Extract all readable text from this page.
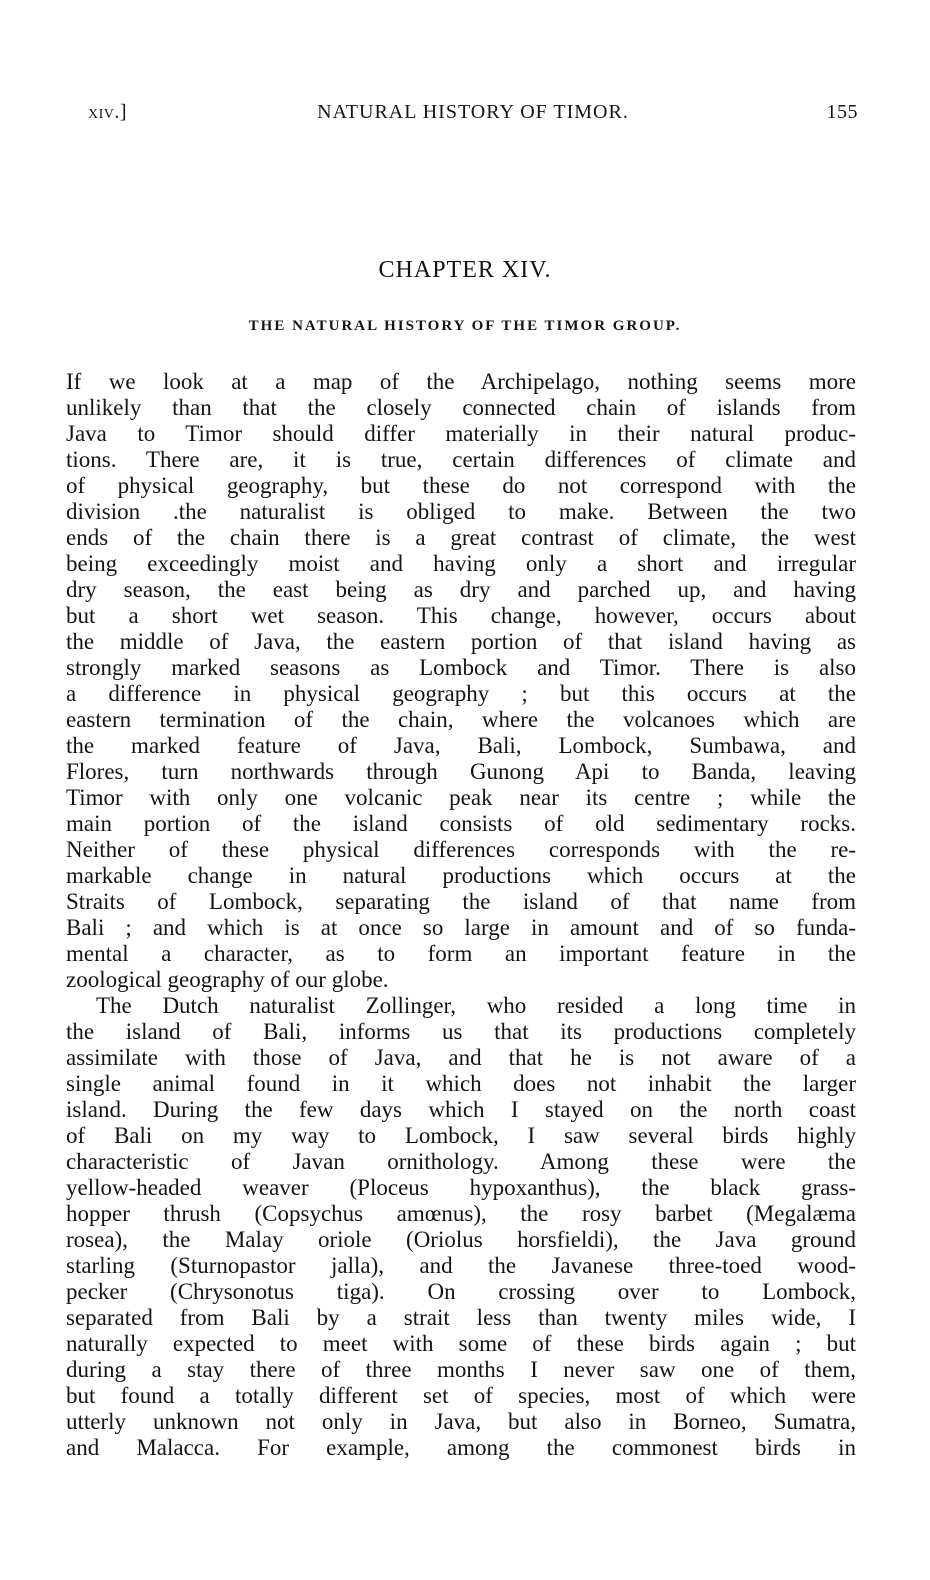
xiv.]	NATURAL HISTORY OF TIMOR.	155
CHAPTER XIV.
THE NATURAL HISTORY OF THE TIMOR GROUP.
If we look at a map of the Archipelago, nothing seems more
unlikely than that the closely connected chain of islands from
Java to Timor should differ materially in their natural produc-
tions. There are, it is true, certain differences of climate and
of physical geography, but these do not correspond with the
division .the naturalist is obliged to make. Between the two
ends of the chain there is a great contrast of climate, the west
being exceedingly moist and having only a short and irregular
dry season, the east being as dry and parched up, and having
but a short wet season. This change, however, occurs about
the middle of Java, the eastern portion of that island having as
strongly marked seasons as Lombock and Timor. There is also
a difference in physical geography ; but this occurs at the
eastern termination of the chain, where the volcanoes which are
the marked feature of Java, Bali, Lombock, Sumbawa, and
Flores, turn northwards through Gunong Api to Banda, leaving
Timor with only one volcanic peak near its centre ; while the
main portion of the island consists of old sedimentary rocks.
Neither of these physical differences corresponds with the re-
markable change in natural productions which occurs at the
Straits of Lombock, separating the island of that name from
Bali ; and which is at once so large in amount and of so funda-
mental a character, as to form an important feature in the
zoological geography of our globe.
The Dutch naturalist Zollinger, who resided a long time in
the island of Bali, informs us that its productions completely
assimilate with those of Java, and that he is not aware of a
single animal found in it which does not inhabit the larger
island. During the few days which I stayed on the north coast
of Bali on my way to Lombock, I saw several birds highly
characteristic of Javan ornithology. Among these were the
yellow-headed weaver (Ploceus hypoxanthus), the black grass-
hopper thrush (Copsychus amœnus), the rosy barbet (Megalæma
rosea), the Malay oriole (Oriolus horsfieldi), the Java ground
starling (Sturnopastor jalla), and the Javanese three-toed wood-
pecker (Chrysonotus tiga). On crossing over to Lombock,
separated from Bali by a strait less than twenty miles wide, I
naturally expected to meet with some of these birds again ; but
during a stay there of three months I never saw one of them,
but found a totally different set of species, most of which were
utterly unknown not only in Java, but also in Borneo, Sumatra,
and Malacca. For example, among the commonest birds in
